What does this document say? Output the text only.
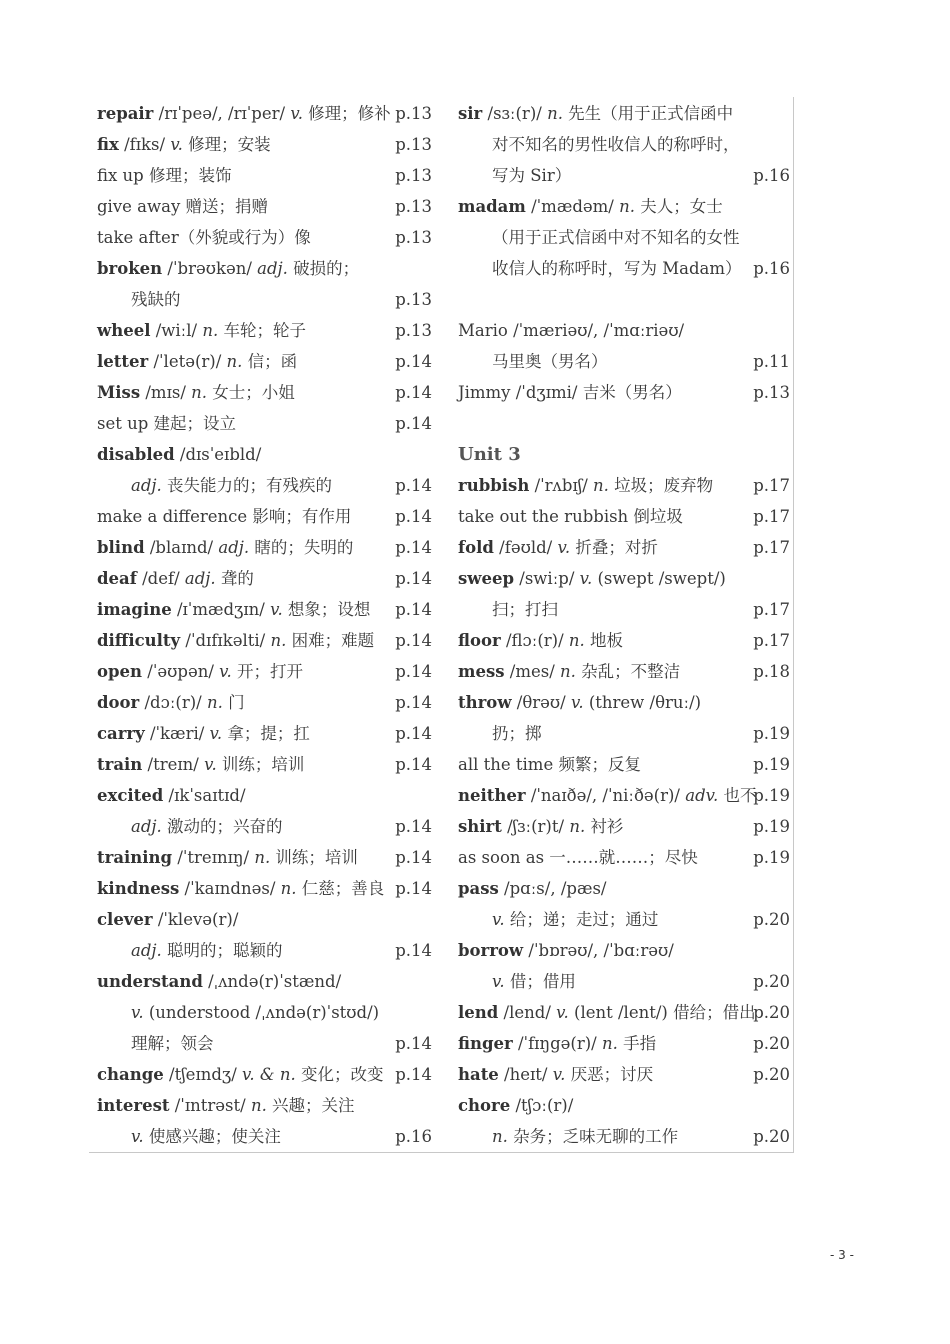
repair /rɪˈpeə/, /rɪˈper/ v. 修理；修补 p.13
fix /fɪks/ v. 修理；安装	p.13
fix up 修理；装饰	p.13
give away 赠送；捐赠	p.13
take after（外貌或行为）像	p.13
broken /ˈbrəʊkən/ adj. 破损的；
残缺的	p.13
wheel /wiːl/ n. 车轮；轮子	p.13
letter /ˈletə(r)/ n. 信；函	p.14
Miss /mɪs/ n. 女士；小姐	p.14
set up 建起；设立	p.14
disabled /dɪsˈeɪbld/
adj. 丧失能力的；有残疾的	p.14
make a difference 影响；有作用	p.14
blind /blaɪnd/ adj. 瞎的；失明的	p.14
deaf /def/ adj. 聋的	p.14
imagine /ɪˈmædʒɪn/ v. 想象；设想 p.14
difficulty /ˈdɪfɪkəlti/ n. 困难；难题 p.14
open /ˈəʊpən/ v. 开；打开	p.14
door /dɔː(r)/ n. 门	p.14
carry /ˈkæri/ v. 拿；提；扛	p.14
train /treɪn/ v. 训练；培训	p.14
excited /ɪkˈsaɪtɪd/
adj. 激动的；兴奋的	p.14
training /ˈtreɪnɪŋ/ n. 训练；培训 p.14
kindness /ˈkaɪndnəs/ n. 仁慈；善良 p.14
clever /ˈklevə(r)/
adj. 聪明的；聪颖的	p.14
understand /ˌʌndə(r)ˈstænd/
v. (understood /ˌʌndə(r)ˈstʊd/)
理解；领会	p.14
change /tʃeɪndʒ/ v. & n. 变化；改变 p.14
interest /ˈɪntrəst/ n. 兴趣；关注
v. 使感兴趣；使关注	p.16
sir /sɜː(r)/ n. 先生（用于正式信函中
对不知名的男性收信人的称呼时，
写为 Sir）	p.16
madam /ˈmædəm/ n. 夫人；女士
（用于正式信函中对不知名的女性
收信人的称呼时，写为 Madam） p.16
Mario /ˈmæriəʊ/, /ˈmɑːriəʊ/
马里奥（男名）	p.11
Jimmy /ˈdʒɪmi/ 吉米（男名）	p.13
Unit 3
rubbish /ˈrʌbɪʃ/ n. 垃圾；废弃物 p.17
take out the rubbish 倒垃圾	p.17
fold /fəʊld/ v. 折叠；对折	p.17
sweep /swiːp/ v. (swept /swept/)
扫；打扫	p.17
floor /flɔː(r)/ n. 地板	p.17
mess /mes/ n. 杂乱；不整洁	p.18
throw /θrəʊ/ v. (threw /θruː/)
扔；掷	p.19
all the time 频繁；反复	p.19
neither /ˈnaɪðə/, /ˈniːðə(r)/ adv. 也不
p.19
shirt /ʃɜː(r)t/ n. 衬衫	p.19
as soon as 一……就……；尽快	p.19
pass /pɑːs/, /pæs/
v. 给；递；走过；通过	p.20
borrow /ˈbɒrəʊ/, /ˈbɑːrəʊ/
v. 借；借用	p.20
lend /lend/ v. (lent /lent/) 借给；借出
p.20
finger /ˈfɪŋgə(r)/ n. 手指	p.20
hate /heɪt/ v. 厌恶；讨厌	p.20
chore /tʃɔː(r)/
n. 杂务；乏味无聊的工作	p.20
- 3 -
